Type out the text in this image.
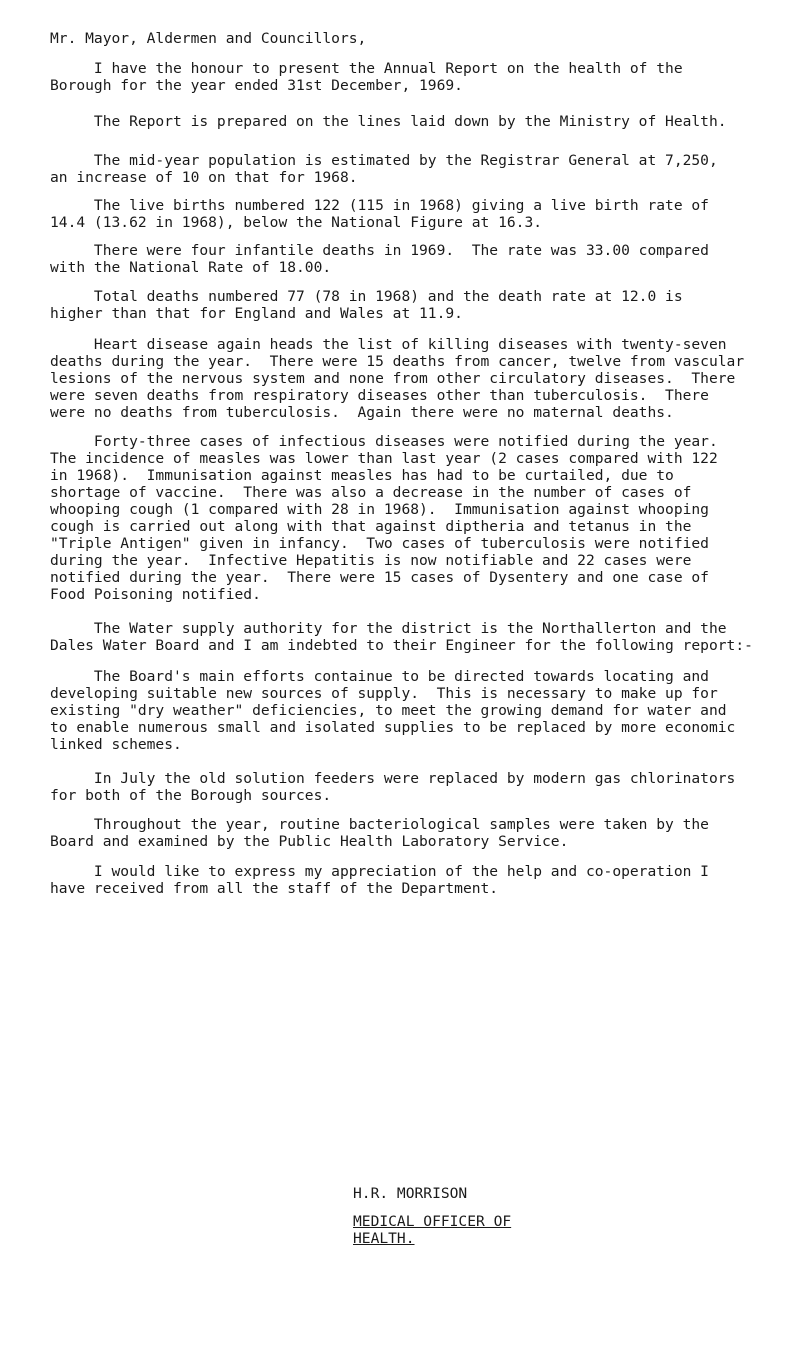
Mr. Mayor, Aldermen and Councillors,

I have the honour to present the Annual Report on the health of the
Borough for the year ended 31st December, 1969.

The Report is prepared on the lines laid down by the Ministry of Health.

The mid-year population is estimated by the Registrar General at 7,250,
an increase of 10 on that for 1968.

The live births numbered 122 (115 in 1968) giving a live birth rate of
14.4 (13.62 in 1968), below the National Figure at 16.3.

There were four infantile deaths in 1969.  The rate was 33.00 compared
with the National Rate of 18.00.

Total deaths numbered 77 (78 in 1968) and the death rate at 12.0 is
higher than that for England and Wales at 11.9.

Heart disease again heads the list of killing diseases with twenty-seven
deaths during the year.  There were 15 deaths from cancer, twelve from vascular
lesions of the nervous system and none from other circulatory diseases.  There
were seven deaths from respiratory diseases other than tuberculosis.  There
were no deaths from tuberculosis.  Again there were no maternal deaths.

Forty-three cases of infectious diseases were notified during the year.
The incidence of measles was lower than last year (2 cases compared with 122
in 1968).  Immunisation against measles has had to be curtailed, due to
shortage of vaccine.  There was also a decrease in the number of cases of
whooping cough (1 compared with 28 in 1968).  Immunisation against whooping
cough is carried out along with that against diptheria and tetanus in the
"Triple Antigen" given in infancy.  Two cases of tuberculosis were notified
during the year.  Infective Hepatitis is now notifiable and 22 cases were
notified during the year.  There were 15 cases of Dysentery and one case of
Food Poisoning notified.

The Water supply authority for the district is the Northallerton and the
Dales Water Board and I am indebted to their Engineer for the following report:-

The Board's main efforts containue to be directed towards locating and
developing suitable new sources of supply.  This is necessary to make up for
existing "dry weather" deficiencies, to meet the growing demand for water and
to enable numerous small and isolated supplies to be replaced by more economic
linked schemes.

In July the old solution feeders were replaced by modern gas chlorinators
for both of the Borough sources.

Throughout the year, routine bacteriological samples were taken by the
Board and examined by the Public Health Laboratory Service.

I would like to express my appreciation of the help and co-operation I
have received from all the staff of the Department.

H.R. MORRISON
MEDICAL OFFICER OF HEALTH.
